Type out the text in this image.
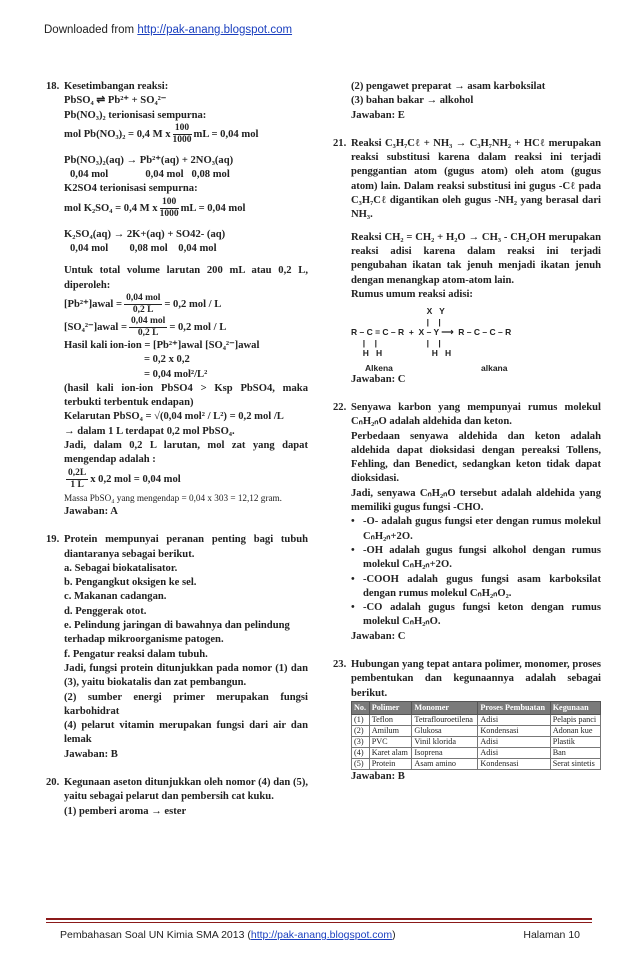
Downloaded from http://pak-anang.blogspot.com
18. Kesetimbangan reaksi:

PbSO₄ ⇌ Pb²⁺ + SO₄²⁻

Pb(NO₃)₂ terionisasi sempurna:

mol Pb(NO₃)₂ = 0,4 M x $\frac{100}{1000}$ mL = 0,04 mol

Pb(NO₃)₂(aq) → Pb²⁺(aq) + 2NO₃(aq)

0,04 mol              0,04 mol   0,08 mol

K2SO4 terionisasi sempurna:

mol K₂SO₄ = 0,4 M x $\frac{100}{1000}$ mL = 0,04 mol

K₂SO₄(aq) → 2K+(aq) + SO42- (aq)

0,04 mol        0,08 mol    0,04 mol

Untuk total volume larutan 200 mL atau 0,2 L, diperoleh:

[Pb²⁺]awal = $\frac{\text{0,04 mol}}{0,2 L} = 0,2$ mol / L

[SO₄²⁻]awal = $\frac{\text{0,04 mol}}{0,2 L} = 0,2$ mol / L

Hasil kali ion-ion = [Pb²⁺]awal [SO₄²⁻]awal

= 0,2 x 0,2

= 0,04 mol²/L²

(hasil kali ion-ion PbSO4 > Ksp PbSO4, maka terbukti terbentuk endapan)

Kelarutan PbSO₄ = √(0,04 mol² / L²) = 0,2 mol /L

→ dalam 1 L terdapat 0,2 mol PbSO₄.

Jadi, dalam 0,2 L larutan, mol zat yang dapat mengendap adalah :

$\frac{0,2L}{1 L}$ x 0,2 mol = 0,04 mol

Massa PbSO₄ yang mengendap = 0,04 x 303 = 12,12 gram.

Jawaban: A

19. Protein mempunyai peranan penting bagi tubuh diantaranya sebagai berikut.

a. Sebagai biokatalisator.

b. Pengangkut oksigen ke sel.

c. Makanan cadangan.

d. Penggerak otot.

e. Pelindung jaringan di bawahnya dan pelindung terhadap mikroorganisme patogen.

f. Pengatur reaksi dalam tubuh.

Jadi, fungsi protein ditunjukkan pada nomor (1) dan (3), yaitu biokatalis dan zat pembangun.

(2) sumber energi primer merupakan fungsi karbohidrat

(4) pelarut vitamin merupakan fungsi dari air dan lemak

Jawaban: B

20. Kegunaan aseton ditunjukkan oleh nomor (4) dan (5), yaitu sebagai pelarut dan pembersih cat kuku.

(1) pemberi aroma → ester

(2) pengawet preparat → asam karboksilat

(3) bahan bakar → alkohol

Jawaban: E

21. Reaksi C₃H₇Cℓ + NH₃ → C₃H₇NH₂ + HCℓ merupakan reaksi substitusi karena dalam reaksi ini terjadi penggantian atom (gugus atom) oleh atom (gugus atom) lain. Dalam reaksi substitusi ini gugus -Cℓ pada C₃H₇Cℓ digantikan oleh gugus -NH₂ yang berasal dari NH₃.

Reaksi CH₂ = CH₂ + H₂O → CH₃ - CH₂OH merupakan reaksi adisi karena dalam reaksi ini terjadi pengubahan ikatan tak jenuh menjadi ikatan jenuh dengan menangkap atom-atom lain.

Rumus umum reaksi adisi:

X   Y
|    |
R – C = C – R  +  X – Y ⟶  R – C – C – R
|    |                     |    |
H   H                     H   H
Alkena	alkana

Jawaban: C

22. Senyawa karbon yang mempunyai rumus molekul CₙH₂ₙO adalah aldehida dan keton.

Perbedaan senyawa aldehida dan keton adalah aldehida dapat dioksidasi dengan pereaksi Tollens, Fehling, dan Benedict, sedangkan keton tidak dapat dioksidasi.

Jadi, senyawa CₙH₂ₙO tersebut adalah aldehida yang memiliki gugus fungsi -CHO.

• -O- adalah gugus fungsi eter dengan rumus molekul CₙH₂ₙ+2O.

• -OH adalah gugus fungsi alkohol dengan rumus molekul CₙH₂ₙ+2O.

• -COOH adalah gugus fungsi asam karboksilat dengan rumus molekul CₙH₂ₙO₂.

• -CO adalah gugus fungsi keton dengan rumus molekul CₙH₂ₙO.

Jawaban: C

23. Hubungan yang tepat antara polimer, monomer, proses pembentukan dan kegunaannya adalah sebagai berikut.

No.	Polimer	Monomer	Proses Pembuatan	Kegunaan
(1)	Teflon	Tetraflouroetilena	Adisi	Pelapis panci
(2)	Amilum	Glukosa	Kondensasi	Adonan kue
(3)	PVC	Vinil klorida	Adisi	Plastik
(4)	Karet alam	Isoprena	Adisi	Ban
(5)	Protein	Asam amino	Kondensasi	Serat sintetis

Jawaban: B

Pembahasan Soal UN Kimia SMA 2013 (http://pak-anang.blogspot.com)	Halaman 10
